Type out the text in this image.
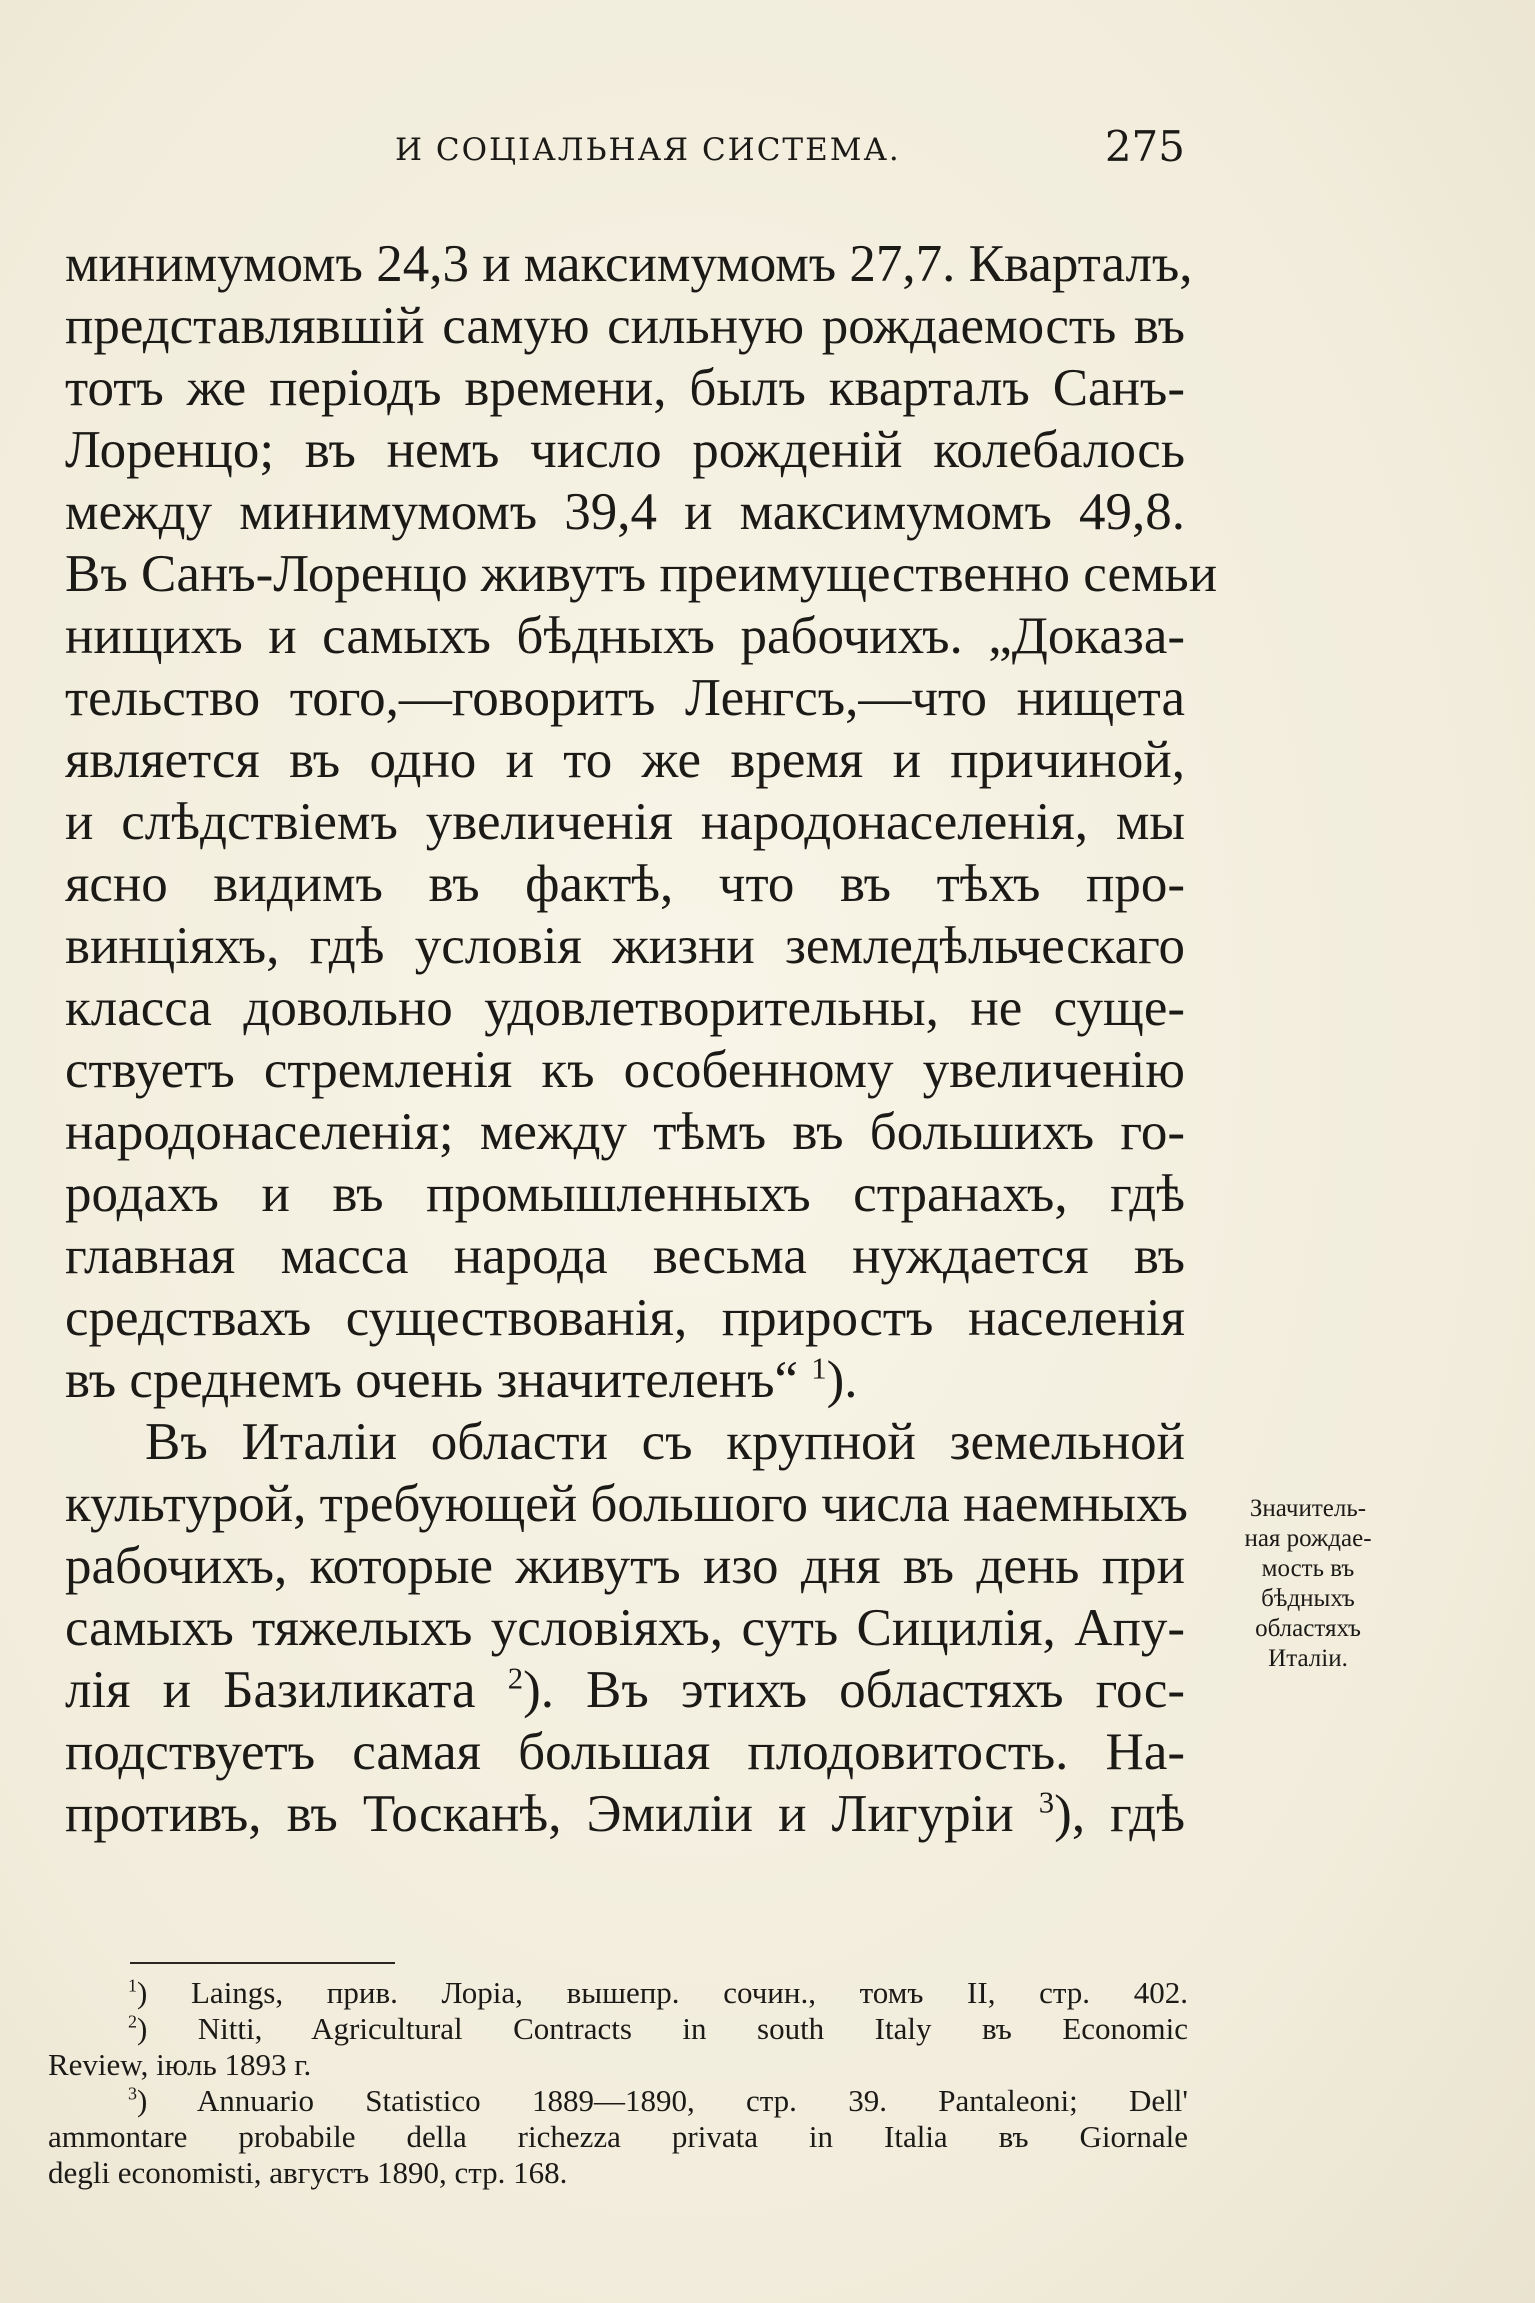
И СОЦІАЛЬНАЯ СИСТЕМА.	275
минимумомъ 24,3 и максимумомъ 27,7. Кварталъ,
представлявшій самую сильную рождаемость въ
тотъ же періодъ времени, былъ кварталъ Санъ-
Лоренцо; въ немъ число рожденій колебалось
между минимумомъ 39,4 и максимумомъ 49,8.
Въ Санъ-Лоренцо живутъ преимущественно семьи
нищихъ и самыхъ бѣдныхъ рабочихъ. „Доказа-
тельство того,—говоритъ Ленгсъ,—что нищета
является въ одно и то же время и причиной,
и слѣдствіемъ увеличенія народонаселенія, мы
ясно видимъ въ фактѣ, что въ тѣхъ про-
винціяхъ, гдѣ условія жизни земледѣльческаго
класса довольно удовлетворительны, не суще-
ствуетъ стремленія къ особенному увеличенію
народонаселенія; между тѣмъ въ большихъ го-
родахъ и въ промышленныхъ странахъ, гдѣ
главная масса народа весьма нуждается въ
средствахъ существованія, приростъ населенія
въ среднемъ очень значителенъ“ $^1$).
Въ Италіи области съ крупной земельной
культурой, требующей большого числа наемныхъ
рабочихъ, которые живутъ изо дня въ день при
самыхъ тяжелыхъ условіяхъ, суть Сицилія, Апу-
лія и Базиликата $^2$). Въ этихъ областяхъ гос-
подствуетъ самая большая плодовитость. На-
противъ, въ Тосканѣ, Эмиліи и Лигуріи $^3$), гдѣ
Значитель-
ная рождае-
мость въ
бѣдныхъ
областяхъ
Италіи.
$^1$) Laings, прив. Лоріа, вышепр. сочин., томъ II, стр. 402.
$^2$) Nitti, Agricultural Contracts in south Italy въ Economic
Review, іюль 1893 г.
$^3$) Annuario Statistico 1889—1890, стр. 39. Pantaleoni; Dell'
ammontare probabile della richezza privata in Italia въ Giornale
degli economisti, августъ 1890, стр. 168.
